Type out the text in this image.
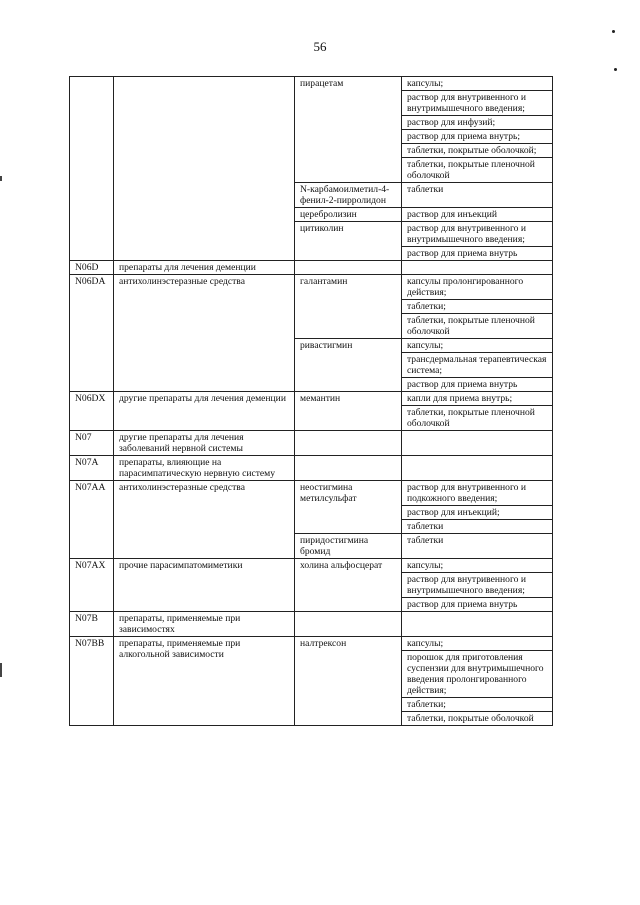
56
		пирацетам	капсулы;
			раствор для внутривенного и внутримышечного введения;
			раствор для инфузий;
			раствор для приема внутрь;
			таблетки, покрытые оболочкой;
			таблетки, покрытые пленочной оболочкой
		N-карбамоилметил-4-фенил-2-пирролидон	таблетки
		церебролизин	раствор для инъекций
		цитиколин	раствор для внутривенного и внутримышечного введения;
			раствор для приема внутрь
N06D	препараты для лечения деменции		
N06DA	антихолинэстеразные средства	галантамин	капсулы пролонгированного действия;
			таблетки;
			таблетки, покрытые пленочной оболочкой
		ривастигмин	капсулы;
			трансдермальная терапевтическая система;
			раствор для приема внутрь
N06DX	другие препараты для лечения деменции	мемантин	капли для приема внутрь;
			таблетки, покрытые пленочной оболочкой
N07	другие препараты для лечения заболеваний нервной системы		
N07A	препараты, влияющие на парасимпатическую нервную систему		
N07AA	антихолинэстеразные средства	неостигмина метилсульфат	раствор для внутривенного и подкожного введения;
			раствор для инъекций;
			таблетки
		пиридостигмина бромид	таблетки
N07AX	прочие парасимпатомиметики	холина альфосцерат	капсулы;
			раствор для внутривенного и внутримышечного введения;
			раствор для приема внутрь
N07B	препараты, применяемые при зависимостях		
N07BB	препараты, применяемые при алкогольной зависимости	налтрексон	капсулы;
			порошок для приготовления суспензии для внутримышечного введения пролонгированного действия;
			таблетки;
			таблетки, покрытые оболочкой
